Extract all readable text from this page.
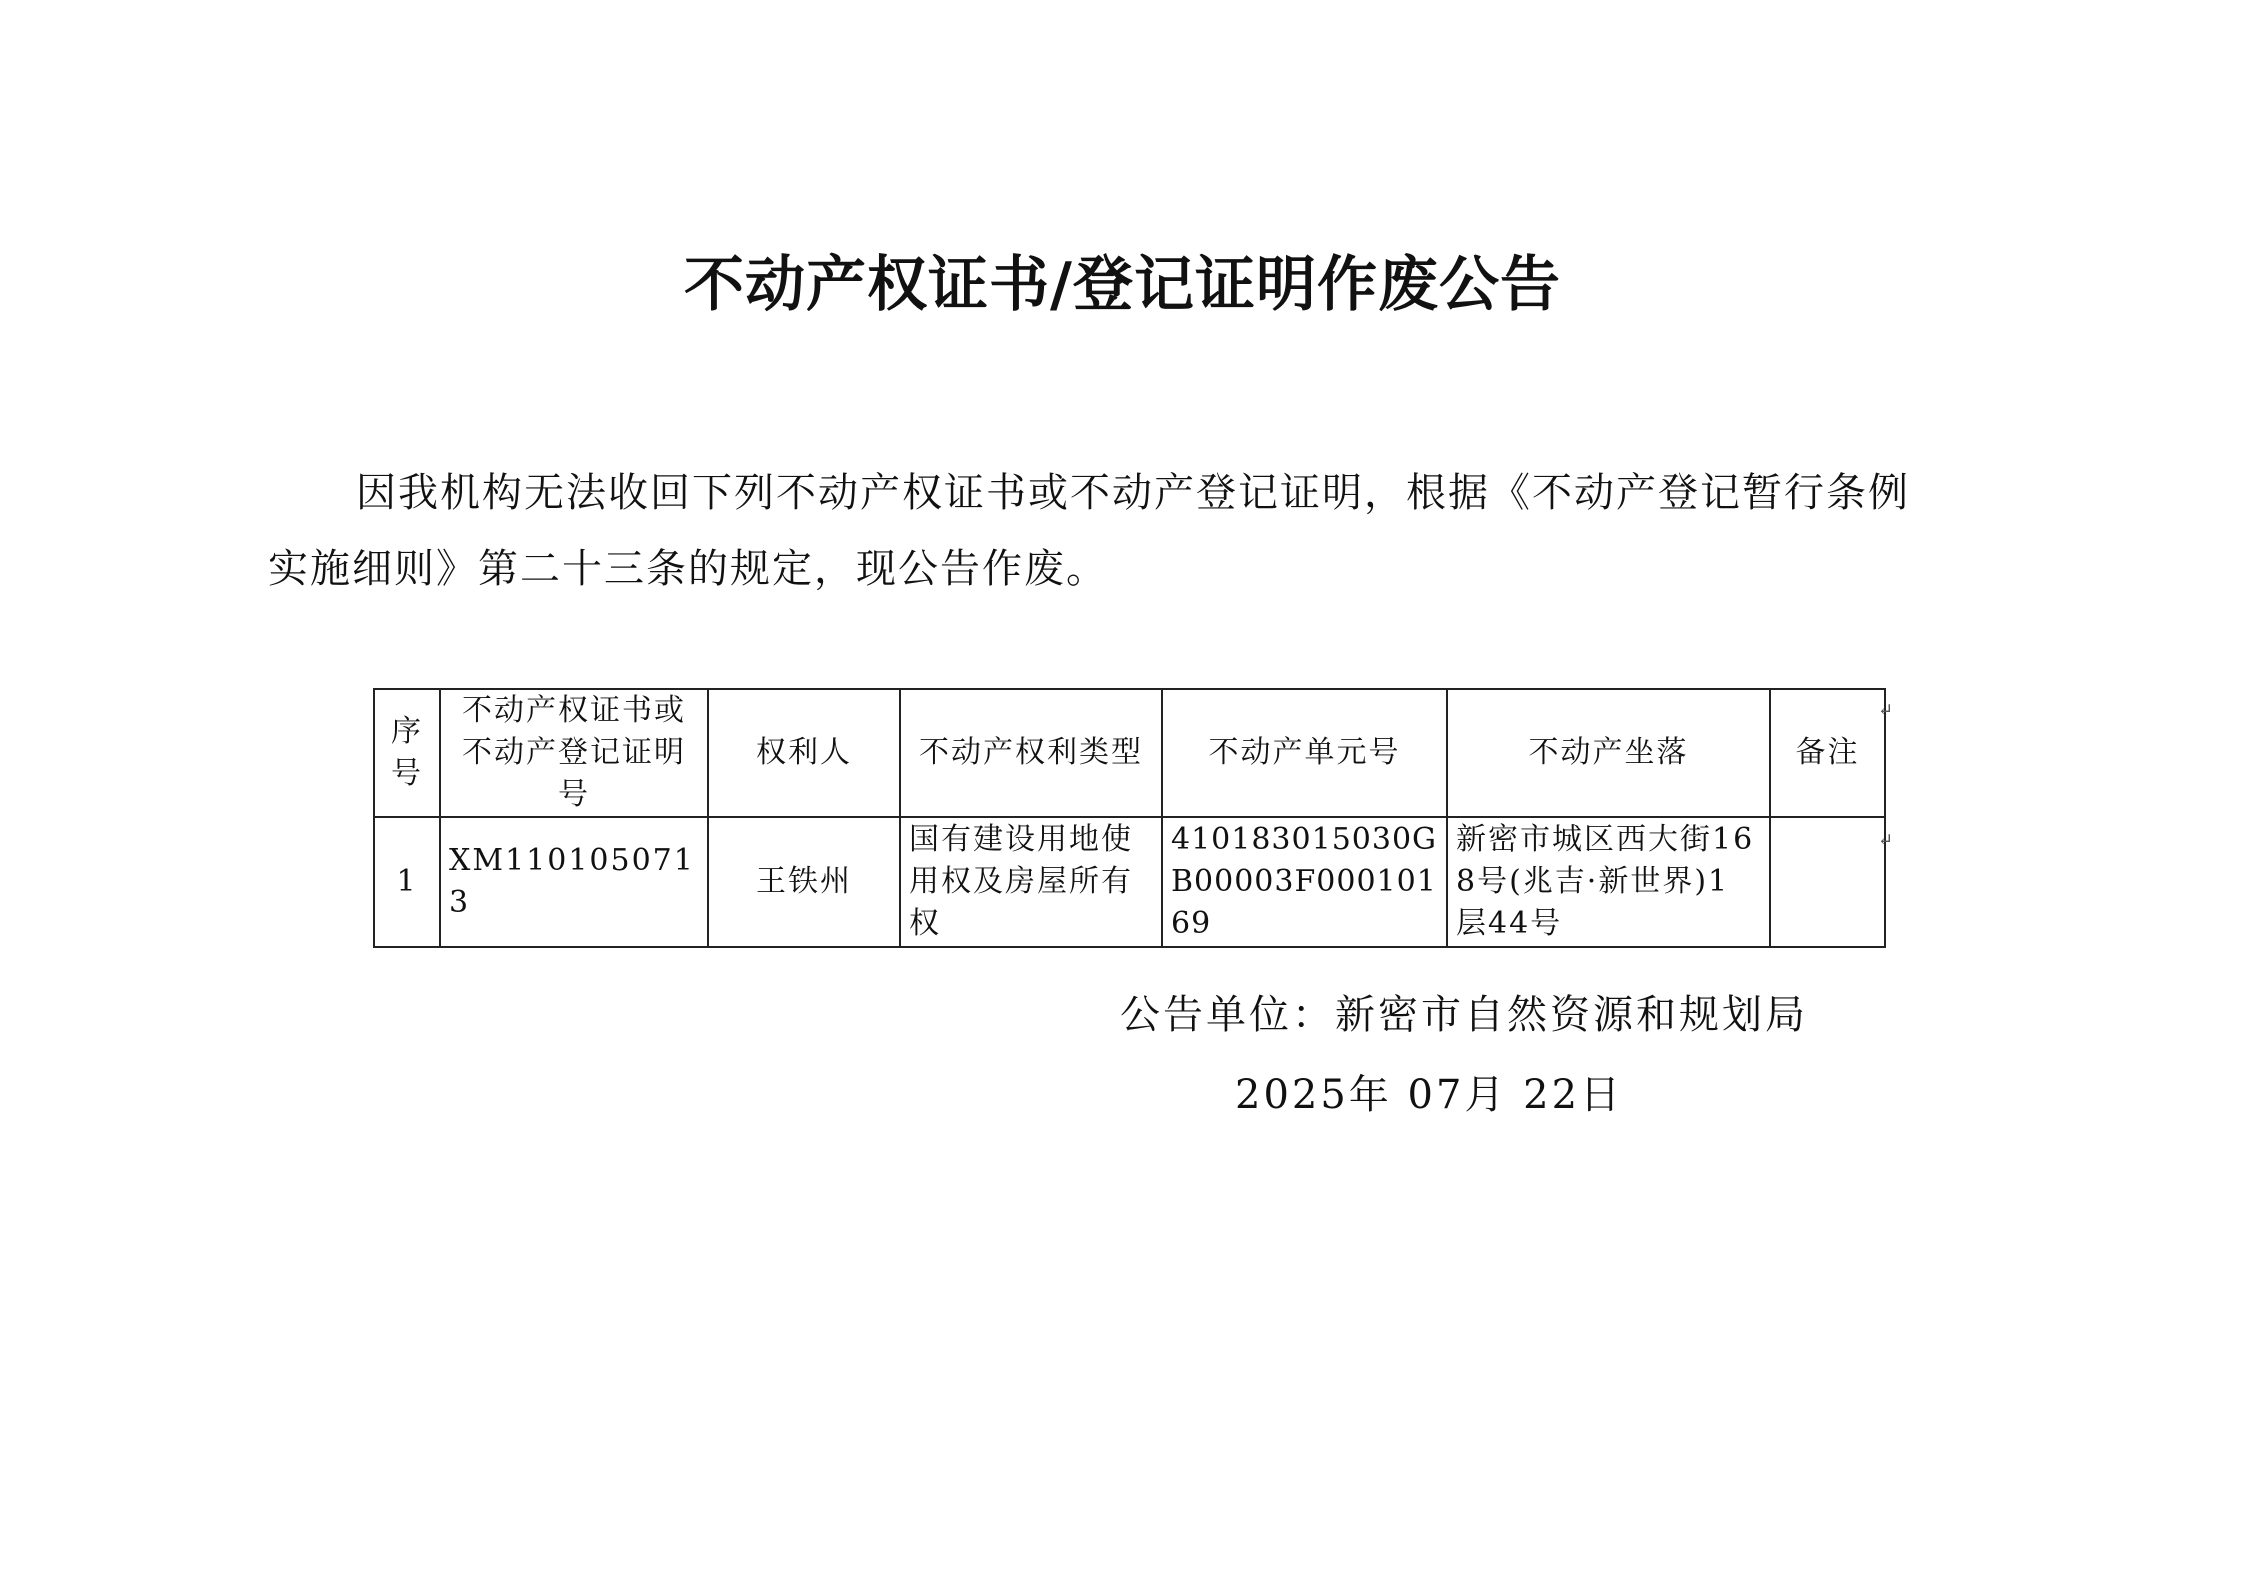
不动产权证书/登记证明作废公告
因我机构无法收回下列不动产权证书或不动产登记证明，根据《不动产登记暂行条例
实施细则》第二十三条的规定，现公告作废。
序号	不动产权证书或不动产登记证明号	权利人	不动产权利类型	不动产单元号	不动产坐落	备注
1	XM1101050713	王铁州	国有建设用地使用权及房屋所有权	410183015030GB00003F00010169	新密市城区西大街168号(兆吉·新世界)1层44号	
↵
↵
公告单位：新密市自然资源和规划局
2025年 07月 22日
